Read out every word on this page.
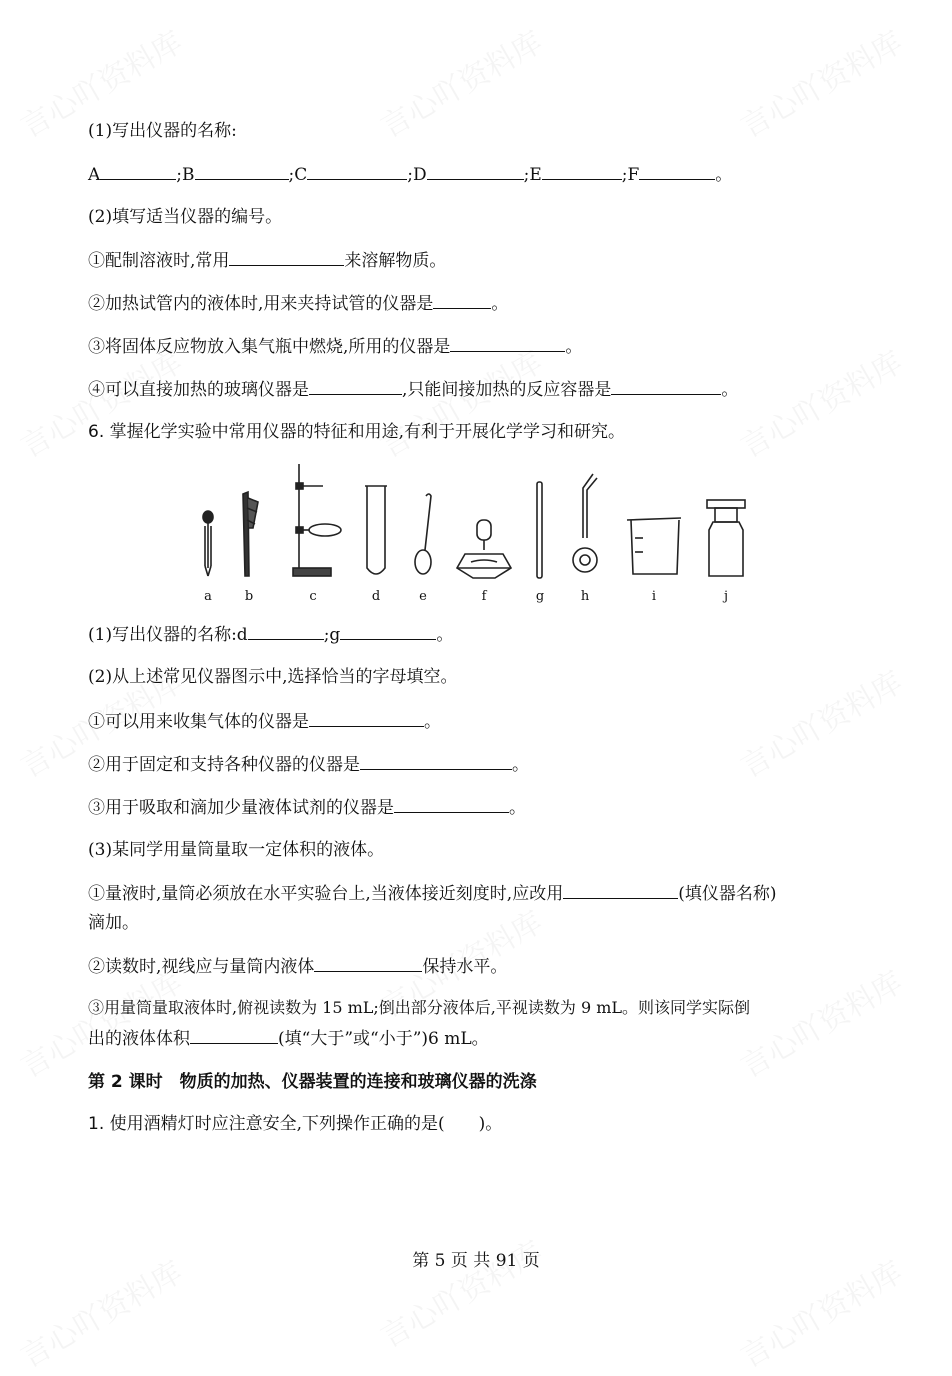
(1)写出仪器的名称:
A	;B	;C	;D	;E	;F	。
(2)填写适当仪器的编号。
①配制溶液时,常用	来溶解物质。
②加热试管内的液体时,用来夹持试管的仪器是	。
③将固体反应物放入集气瓶中燃烧,所用的仪器是	。
④可以直接加热的玻璃仪器是	,只能间接加热的反应容器是	。
6. 掌握化学实验中常用仪器的特征和用途,有利于开展化学学习和研究。
a	b	c	d	e	f	g	h	i	j
(1)写出仪器的名称:d	;g	。
(2)从上述常见仪器图示中,选择恰当的字母填空。
①可以用来收集气体的仪器是	。
②用于固定和支持各种仪器的仪器是	。
③用于吸取和滴加少量液体试剂的仪器是	。
(3)某同学用量筒量取一定体积的液体。
①量液时,量筒必须放在水平实验台上,当液体接近刻度时,应改用	(填仪器名称)
滴加。
②读数时,视线应与量筒内液体	保持水平。
③用量筒量取液体时,俯视读数为 15 mL;倒出部分液体后,平视读数为 9 mL。则该同学实际倒
出的液体体积	(填“大于”或“小于”)6 mL。
第 2 课时　物质的加热、仪器装置的连接和玻璃仪器的洗涤
1. 使用酒精灯时应注意安全,下列操作正确的是(　　)。
第 5 页 共 91 页
